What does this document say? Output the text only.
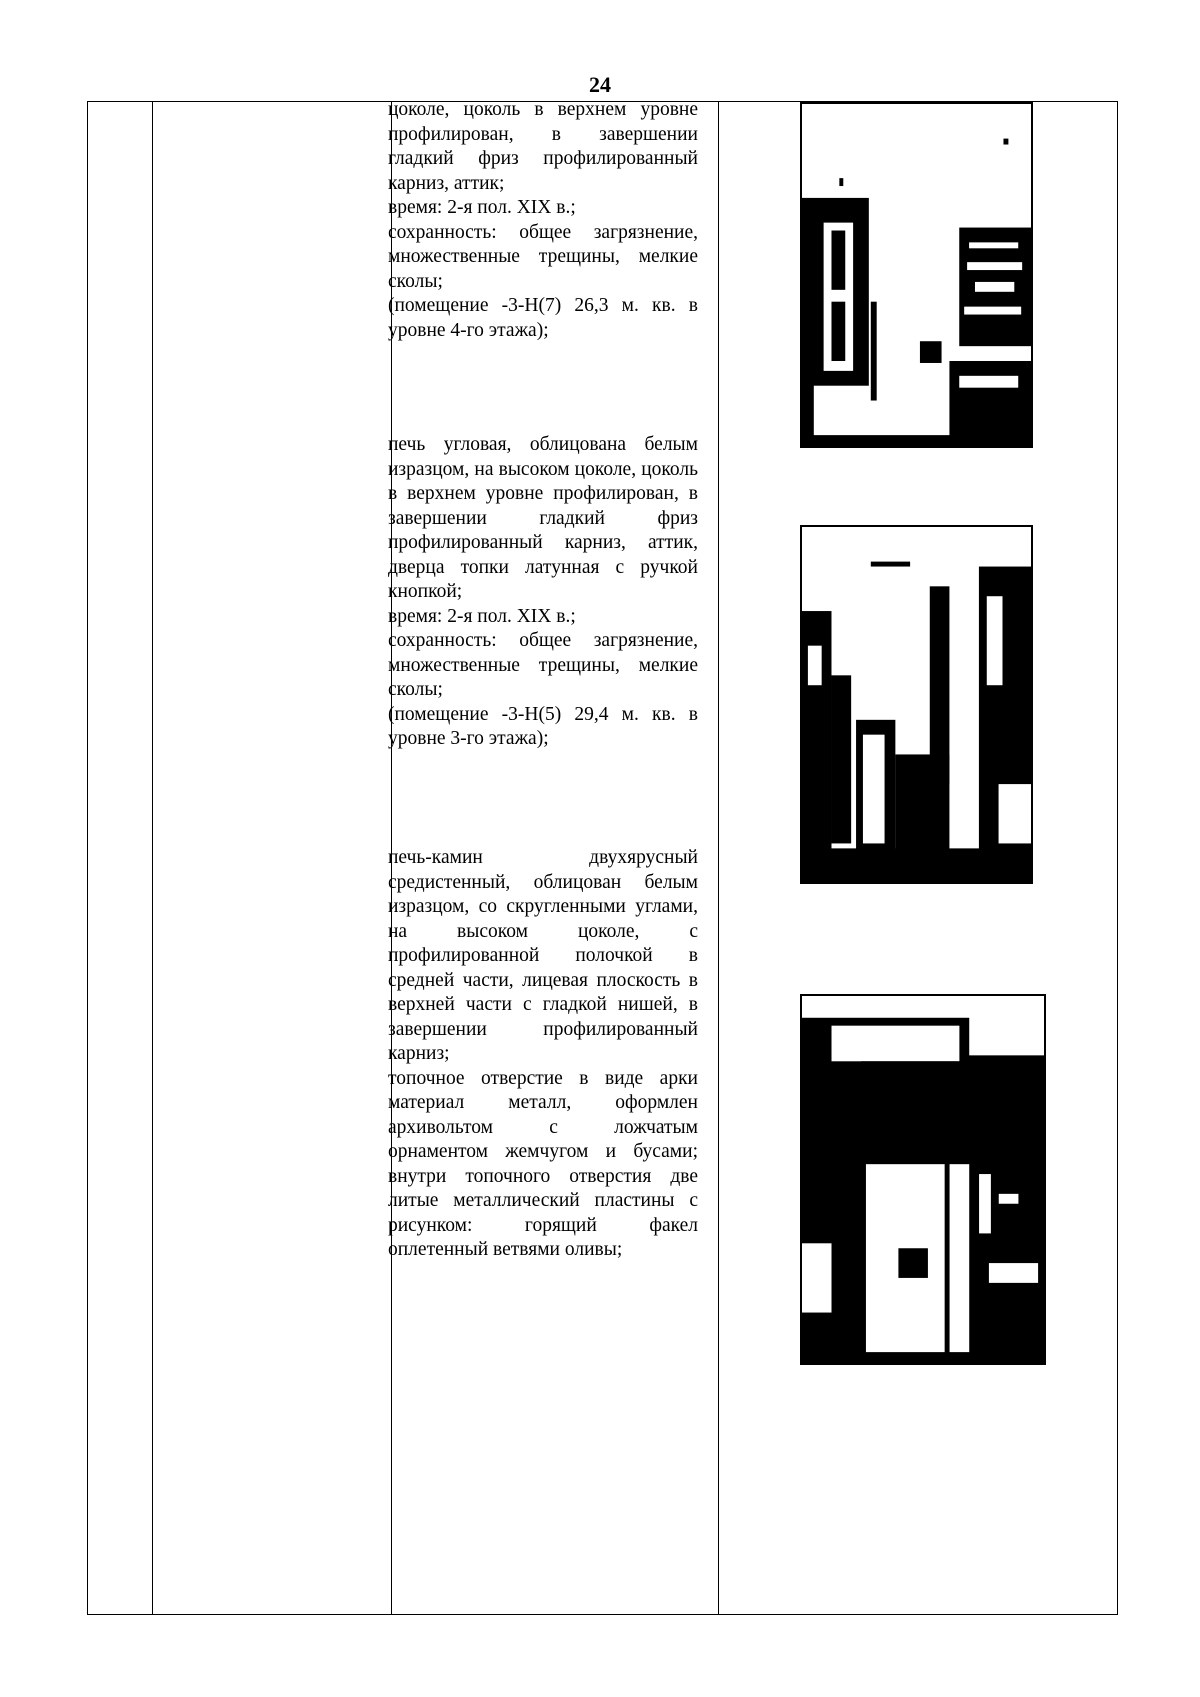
24

цоколе, цоколь в верхнем уровне профилирован, в завершении гладкий фриз профилированный карниз, аттик;

время: 2-я пол. XIX в.;

сохранность: общее загрязнение, множественные трещины, мелкие сколы;

(помещение -3-Н(7) 26,3 м. кв. в уровне 4-го этажа);

печь угловая, облицована белым изразцом, на высоком цоколе, цоколь в верхнем уровне профилирован, в завершении гладкий фриз профилированный карниз, аттик, дверца топки латунная с ручкой кнопкой;

время: 2-я пол. XIX в.;

сохранность: общее загрязнение, множественные трещины, мелкие сколы;

(помещение -3-Н(5) 29,4 м. кв. в уровне 3-го этажа);

печь-камин двухярусный средистенный, облицован белым изразцом, со скругленными углами, на высоком цоколе, с профилированной полочкой в средней части, лицевая плоскость в верхней части с гладкой нишей, в завершении профилированный карниз;

топочное отверстие в виде арки материал металл, оформлен архивольтом с ложчатым орнаментом жемчугом и бусами; внутри топочного отверстия две литые металлический пластины с рисунком: горящий факел оплетенный ветвями оливы;
